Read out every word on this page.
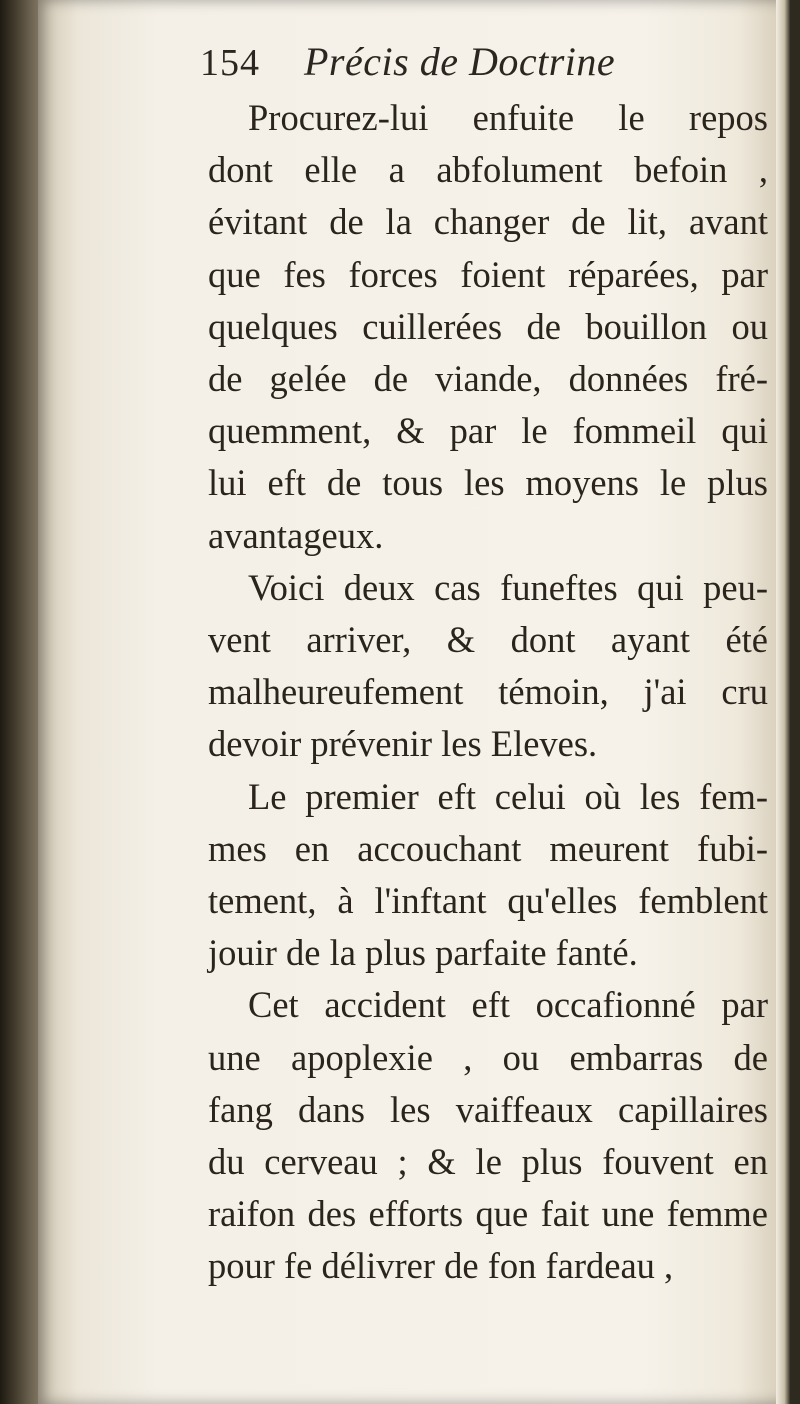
154 Précis de Doctrine
Procurez-lui enfuite le repos
dont elle a abfolument befoin ,
évitant de la changer de lit, avant
que fes forces foient réparées, par
quelques cuillerées de bouillon ou
de gelée de viande, données fré-
quemment, & par le fommeil qui
lui eft de tous les moyens le plus
avantageux.
Voici deux cas funeftes qui peu-
vent arriver, & dont ayant été
malheureufement témoin, j'ai cru
devoir prévenir les Eleves.
Le premier eft celui où les fem-
mes en accouchant meurent fubi-
tement, à l'inftant qu'elles femblent
jouir de la plus parfaite fanté.
Cet accident eft occafionné par
une apoplexie , ou embarras de
fang dans les vaiffeaux capillaires
du cerveau ; & le plus fouvent en
raifon des efforts que fait une femme
pour fe délivrer de fon fardeau ,
